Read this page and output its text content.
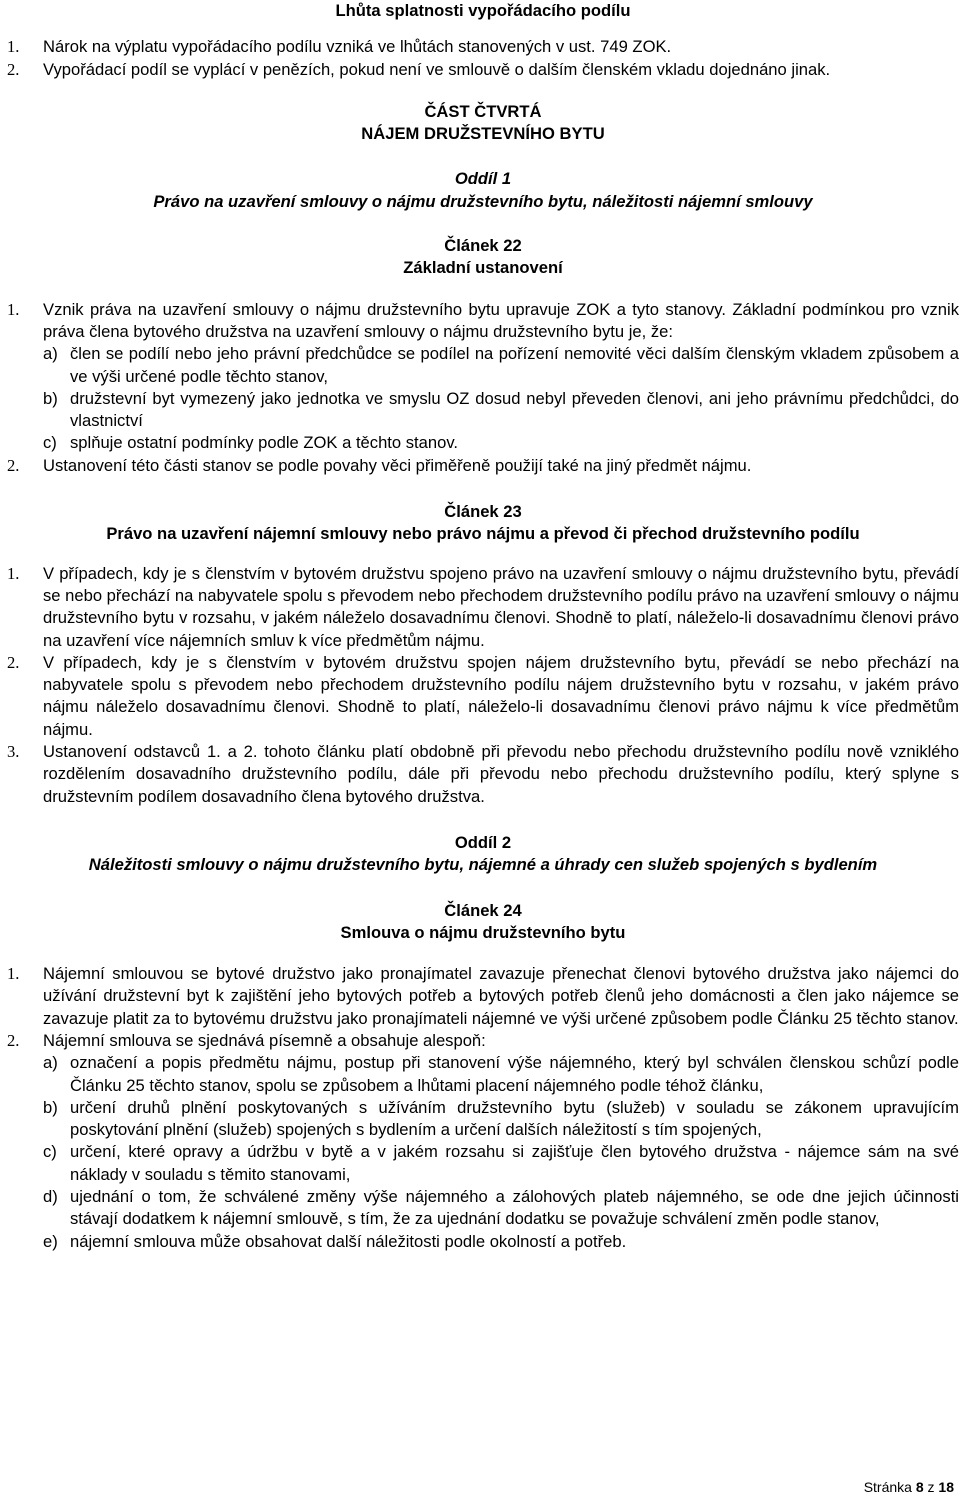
Lhůta splatnosti vypořádacího podílu

1.	Nárok na výplatu vypořádacího podílu vzniká ve lhůtách stanovených v ust. 749 ZOK.
2.	Vypořádací podíl se vyplácí v penězích, pokud není ve smlouvě o dalším členském vkladu dojednáno jinak.

ČÁST ČTVRTÁ

NÁJEM DRUŽSTEVNÍHO BYTU

Oddíl 1

Právo na uzavření smlouvy o nájmu družstevního bytu, náležitosti nájemní smlouvy

Článek 22

Základní ustanovení

1.	Vznik práva na uzavření smlouvy o nájmu družstevního bytu upravuje ZOK a tyto stanovy. Základní podmínkou pro vznik práva člena bytového družstva na uzavření smlouvy o nájmu družstevního bytu je, že:
a) člen se podílí nebo jeho právní předchůdce se podílel na pořízení nemovité věci dalším členským vkladem způsobem a ve výši určené podle těchto stanov,
b) družstevní byt vymezený jako jednotka ve smyslu OZ dosud nebyl převeden členovi, ani jeho právnímu předchůdci, do vlastnictví
c) splňuje ostatní podmínky podle ZOK a těchto stanov.
2.	Ustanovení této části stanov se podle povahy věci přiměřeně použijí také na jiný předmět nájmu.

Článek 23

Právo na uzavření nájemní smlouvy nebo právo nájmu a převod či přechod družstevního podílu

1.	V případech, kdy je s členstvím v bytovém družstvu spojeno právo na uzavření smlouvy o nájmu družstevního bytu, převádí se nebo přechází na nabyvatele spolu s převodem nebo přechodem družstevního podílu právo na uzavření smlouvy o nájmu družstevního bytu v rozsahu, v jakém náleželo dosavadnímu členovi. Shodně to platí, náleželo-li dosavadnímu členovi právo na uzavření více nájemních smluv k více předmětům nájmu.
2.	V případech, kdy je s členstvím v bytovém družstvu spojen nájem družstevního bytu, převádí se nebo přechází na nabyvatele spolu s převodem nebo přechodem družstevního podílu nájem družstevního bytu v rozsahu, v jakém právo nájmu náleželo dosavadnímu členovi. Shodně to platí, náleželo-li dosavadnímu členovi právo nájmu k více předmětům nájmu.
3.	Ustanovení odstavců 1. a 2. tohoto článku platí obdobně při převodu nebo přechodu družstevního podílu nově vzniklého rozdělením dosavadního družstevního podílu, dále při převodu nebo přechodu družstevního podílu, který splyne s družstevním podílem dosavadního člena bytového družstva.

Oddíl 2

Náležitosti smlouvy o nájmu družstevního bytu, nájemné a úhrady cen služeb spojených s bydlením

Článek 24

Smlouva o nájmu družstevního bytu

1.	Nájemní smlouvou se bytové družstvo jako pronajímatel zavazuje přenechat členovi bytového družstva jako nájemci do užívání družstevní byt k zajištění jeho bytových potřeb a bytových potřeb členů jeho domácnosti a člen jako nájemce se zavazuje platit za to bytovému družstvu jako pronajímateli nájemné ve výši určené způsobem podle Článku 25 těchto stanov.
2.	Nájemní smlouva se sjednává písemně a obsahuje alespoň:
a) označení a popis předmětu nájmu, postup při stanovení výše nájemného, který byl schválen členskou schůzí podle Článku 25 těchto stanov, spolu se způsobem a lhůtami placení nájemného podle téhož článku,
b) určení druhů plnění poskytovaných s užíváním družstevního bytu (služeb) v souladu se zákonem upravujícím poskytování plnění (služeb) spojených s bydlením a určení dalších náležitostí s tím spojených,
c) určení, které opravy a údržbu v bytě a v jakém rozsahu si zajišťuje člen bytového družstva - nájemce sám na své náklady v souladu s těmito stanovami,
d) ujednání o tom, že schválené změny výše nájemného a zálohových plateb nájemného, se ode dne jejich účinnosti stávají dodatkem k nájemní smlouvě, s tím, že za ujednání dodatku se považuje schválení změn podle stanov,
e) nájemní smlouva může obsahovat další náležitosti podle okolností a potřeb.
Stránka 8 z 18
